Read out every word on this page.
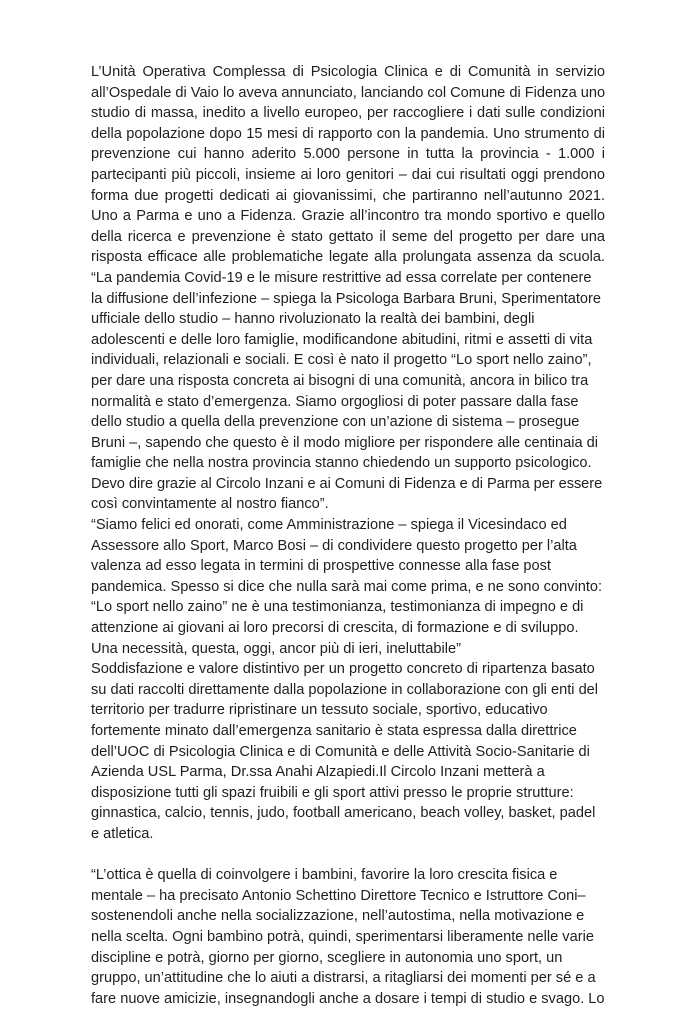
L’Unità Operativa Complessa di Psicologia Clinica e di Comunità in servizio
all’Ospedale di Vaio lo aveva annunciato, lanciando col Comune di Fidenza uno
studio di massa, inedito a livello europeo, per raccogliere i dati sulle condizioni
della popolazione dopo 15 mesi di rapporto con la pandemia. Uno strumento di
prevenzione cui hanno aderito 5.000 persone in tutta la provincia - 1.000 i
partecipanti più piccoli, insieme ai loro genitori – dai cui risultati oggi prendono
forma due progetti dedicati ai giovanissimi, che partiranno nell’autunno 2021.
Uno a Parma e uno a Fidenza. Grazie all’incontro tra mondo sportivo e quello
della ricerca e prevenzione è stato gettato il seme del progetto per dare una
risposta efficace alle problematiche legate alla prolungata assenza da scuola.
“La pandemia Covid-19 e le misure restrittive ad essa correlate per contenere
la diffusione dell’infezione – spiega la Psicologa Barbara Bruni, Sperimentatore
ufficiale dello studio – hanno rivoluzionato la realtà dei bambini, degli
adolescenti e delle loro famiglie, modificandone abitudini, ritmi e assetti di vita
individuali, relazionali e sociali. E così è nato il progetto “Lo sport nello zaino”,
per dare una risposta concreta ai bisogni di una comunità, ancora in bilico tra
normalità e stato d’emergenza. Siamo orgogliosi di poter passare dalla fase
dello studio a quella della prevenzione con un’azione di sistema – prosegue
Bruni –, sapendo che questo è il modo migliore per rispondere alle centinaia di
famiglie che nella nostra provincia stanno chiedendo un supporto psicologico.
Devo dire grazie al Circolo Inzani e ai Comuni di Fidenza e di Parma per essere
così convintamente al nostro fianco”.
“Siamo felici ed onorati, come Amministrazione – spiega il Vicesindaco ed
Assessore allo Sport, Marco Bosi – di condividere questo progetto per l’alta
valenza ad esso legata in termini di prospettive connesse alla fase post
pandemica. Spesso si dice che nulla sarà mai come prima, e ne sono convinto:
“Lo sport nello zaino” ne è una testimonianza, testimonianza di impegno e di
attenzione ai giovani ai loro precorsi di crescita, di formazione e di sviluppo.
Una necessità, questa, oggi, ancor più di ieri, ineluttabile”
Soddisfazione e valore distintivo per un progetto concreto di ripartenza basato
su dati raccolti direttamente dalla popolazione in collaborazione con gli enti del
territorio per tradurre ripristinare un tessuto sociale, sportivo, educativo
fortemente minato dall’emergenza sanitario è stata espressa dalla direttrice
dell’UOC di Psicologia Clinica e di Comunità e delle Attività Socio-Sanitarie di
Azienda USL Parma, Dr.ssa Anahi Alzapiedi.Il Circolo Inzani metterà a
disposizione tutti gli spazi fruibili e gli sport attivi presso le proprie strutture:
ginnastica, calcio, tennis, judo, football americano, beach volley, basket, padel
e atletica.
“L’ottica è quella di coinvolgere i bambini, favorire la loro crescita fisica e
mentale – ha precisato Antonio Schettino Direttore Tecnico e Istruttore Coni–
sostenendoli anche nella socializzazione, nell’autostima, nella motivazione e
nella scelta. Ogni bambino potrà, quindi, sperimentarsi liberamente nelle varie
discipline e potrà, giorno per giorno, scegliere in autonomia uno sport, un
gruppo, un’attitudine che lo aiuti a distrarsi, a ritagliarsi dei momenti per sé e a
fare nuove amicizie, insegnandogli anche a dosare i tempi di studio e svago. Lo
